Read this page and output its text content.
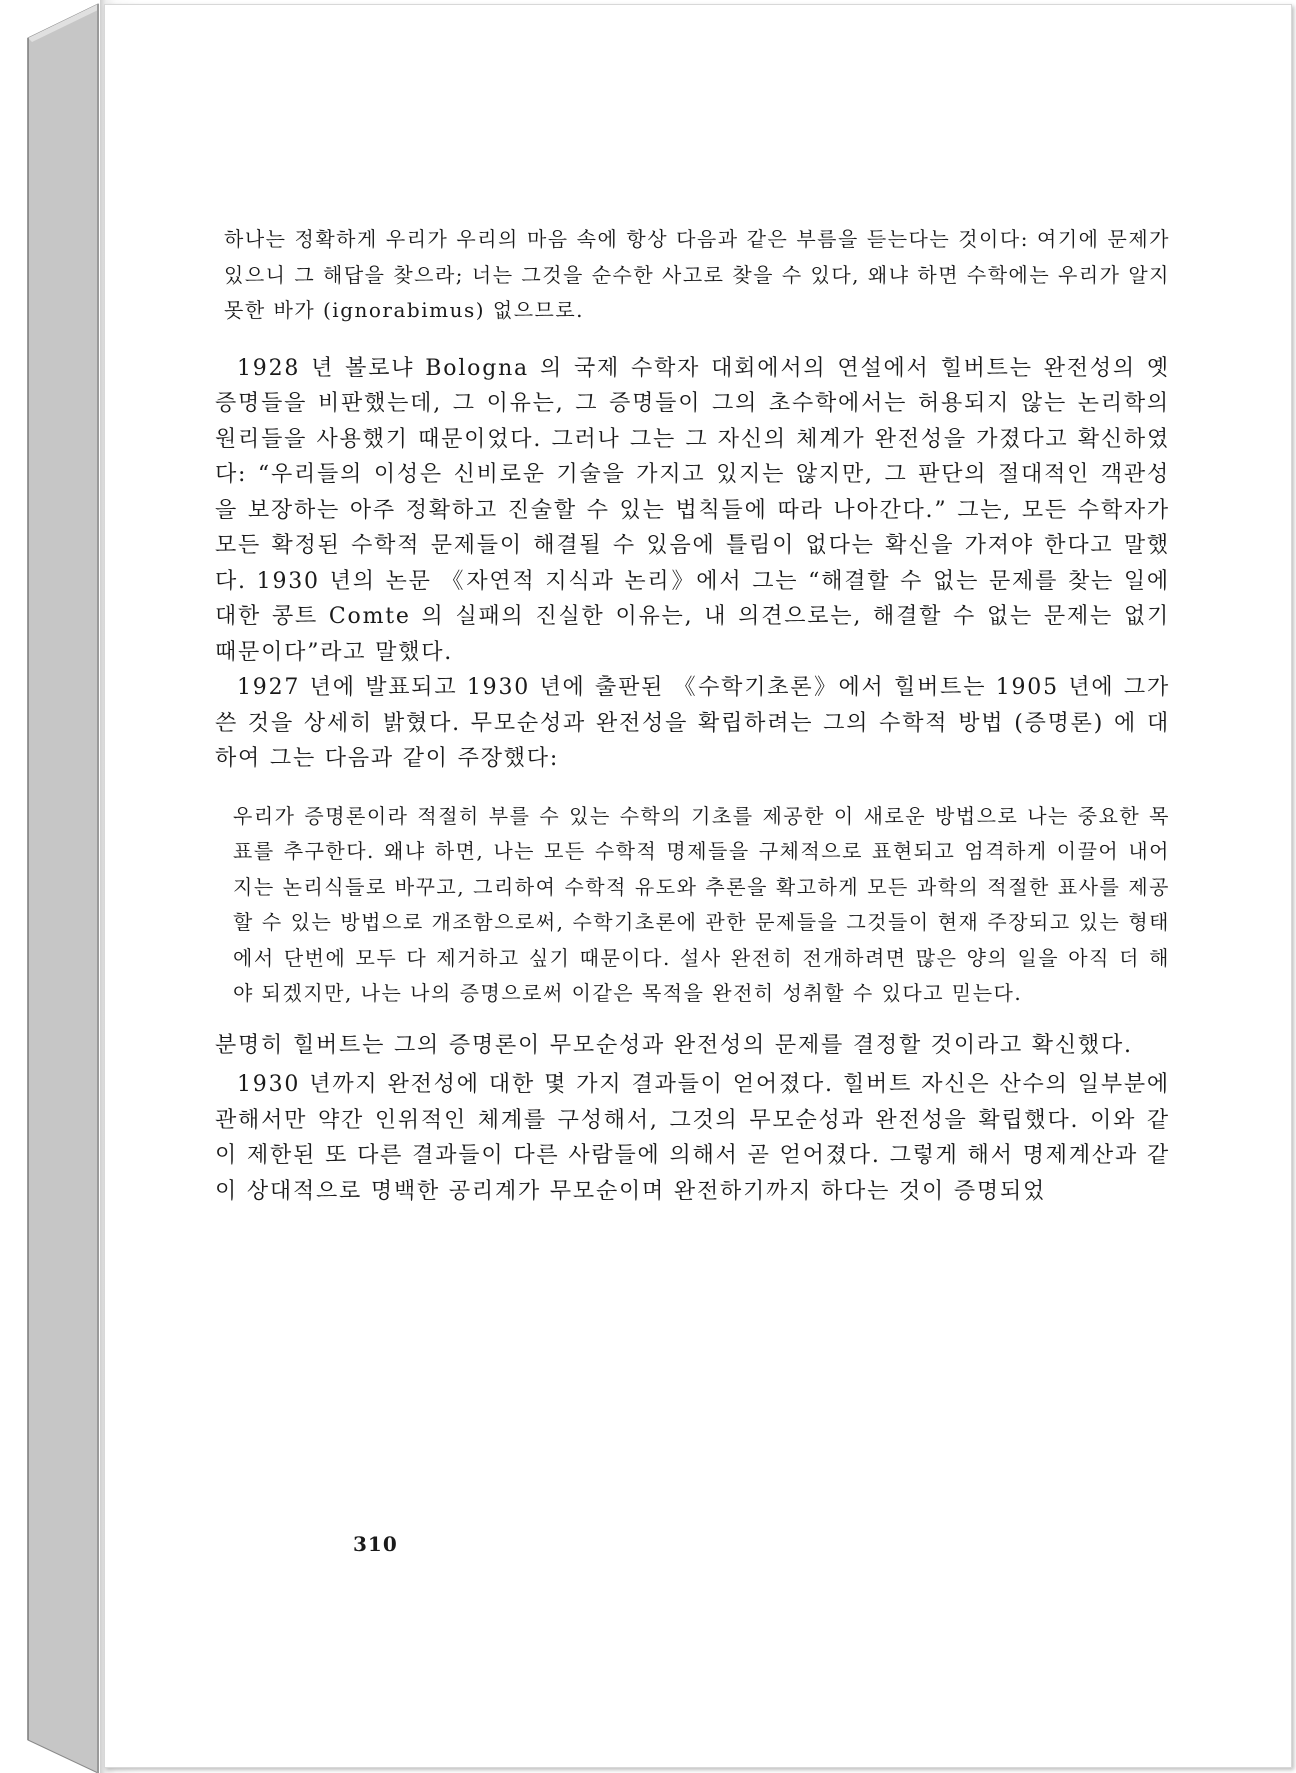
하나는 정확하게 우리가 우리의 마음 속에 항상 다음과 같은 부름을 듣는다는 것이다: 여기에 문제가 있으니 그 해답을 찾으라; 너는 그것을 순수한 사고로 찾을 수 있다, 왜냐 하면 수학에는 우리가 알지 못한 바가 (ignorabimus) 없으므로.

1928 년 볼로냐 Bologna 의 국제 수학자 대회에서의 연설에서 힐버트는 완전성의 옛 증명들을 비판했는데, 그 이유는, 그 증명들이 그의 초수학에서는 허용되지 않는 논리학의 원리들을 사용했기 때문이었다. 그러나 그는 그 자신의 체계가 완전성을 가졌다고 확신하였다: “우리들의 이성은 신비로운 기술을 가지고 있지는 않지만, 그 판단의 절대적인 객관성을 보장하는 아주 정확하고 진술할 수 있는 법칙들에 따라 나아간다.” 그는, 모든 수학자가 모든 확정된 수학적 문제들이 해결될 수 있음에 틀림이 없다는 확신을 가져야 한다고 말했다. 1930 년의 논문 《자연적 지식과 논리》에서 그는 “해결할 수 없는 문제를 찾는 일에 대한 콩트 Comte 의 실패의 진실한 이유는, 내 의견으로는, 해결할 수 없는 문제는 없기 때문이다”라고 말했다.

1927 년에 발표되고 1930 년에 출판된 《수학기초론》에서 힐버트는 1905 년에 그가 쓴 것을 상세히 밝혔다. 무모순성과 완전성을 확립하려는 그의 수학적 방법 (증명론) 에 대하여 그는 다음과 같이 주장했다:

우리가 증명론이라 적절히 부를 수 있는 수학의 기초를 제공한 이 새로운 방법으로 나는 중요한 목표를 추구한다. 왜냐 하면, 나는 모든 수학적 명제들을 구체적으로 표현되고 엄격하게 이끌어 내어지는 논리식들로 바꾸고, 그리하여 수학적 유도와 추론을 확고하게 모든 과학의 적절한 표사를 제공할 수 있는 방법으로 개조함으로써, 수학기초론에 관한 문제들을 그것들이 현재 주장되고 있는 형태에서 단번에 모두 다 제거하고 싶기 때문이다. 설사 완전히 전개하려면 많은 양의 일을 아직 더 해야 되겠지만, 나는 나의 증명으로써 이같은 목적을 완전히 성취할 수 있다고 믿는다.

분명히 힐버트는 그의 증명론이 무모순성과 완전성의 문제를 결정할 것이라고 확신했다.

1930 년까지 완전성에 대한 몇 가지 결과들이 얻어졌다. 힐버트 자신은 산수의 일부분에 관해서만 약간 인위적인 체계를 구성해서, 그것의 무모순성과 완전성을 확립했다. 이와 같이 제한된 또 다른 결과들이 다른 사람들에 의해서 곧 얻어졌다. 그렇게 해서 명제계산과 같이 상대적으로 명백한 공리계가 무모순이며 완전하기까지 하다는 것이 증명되었

310
